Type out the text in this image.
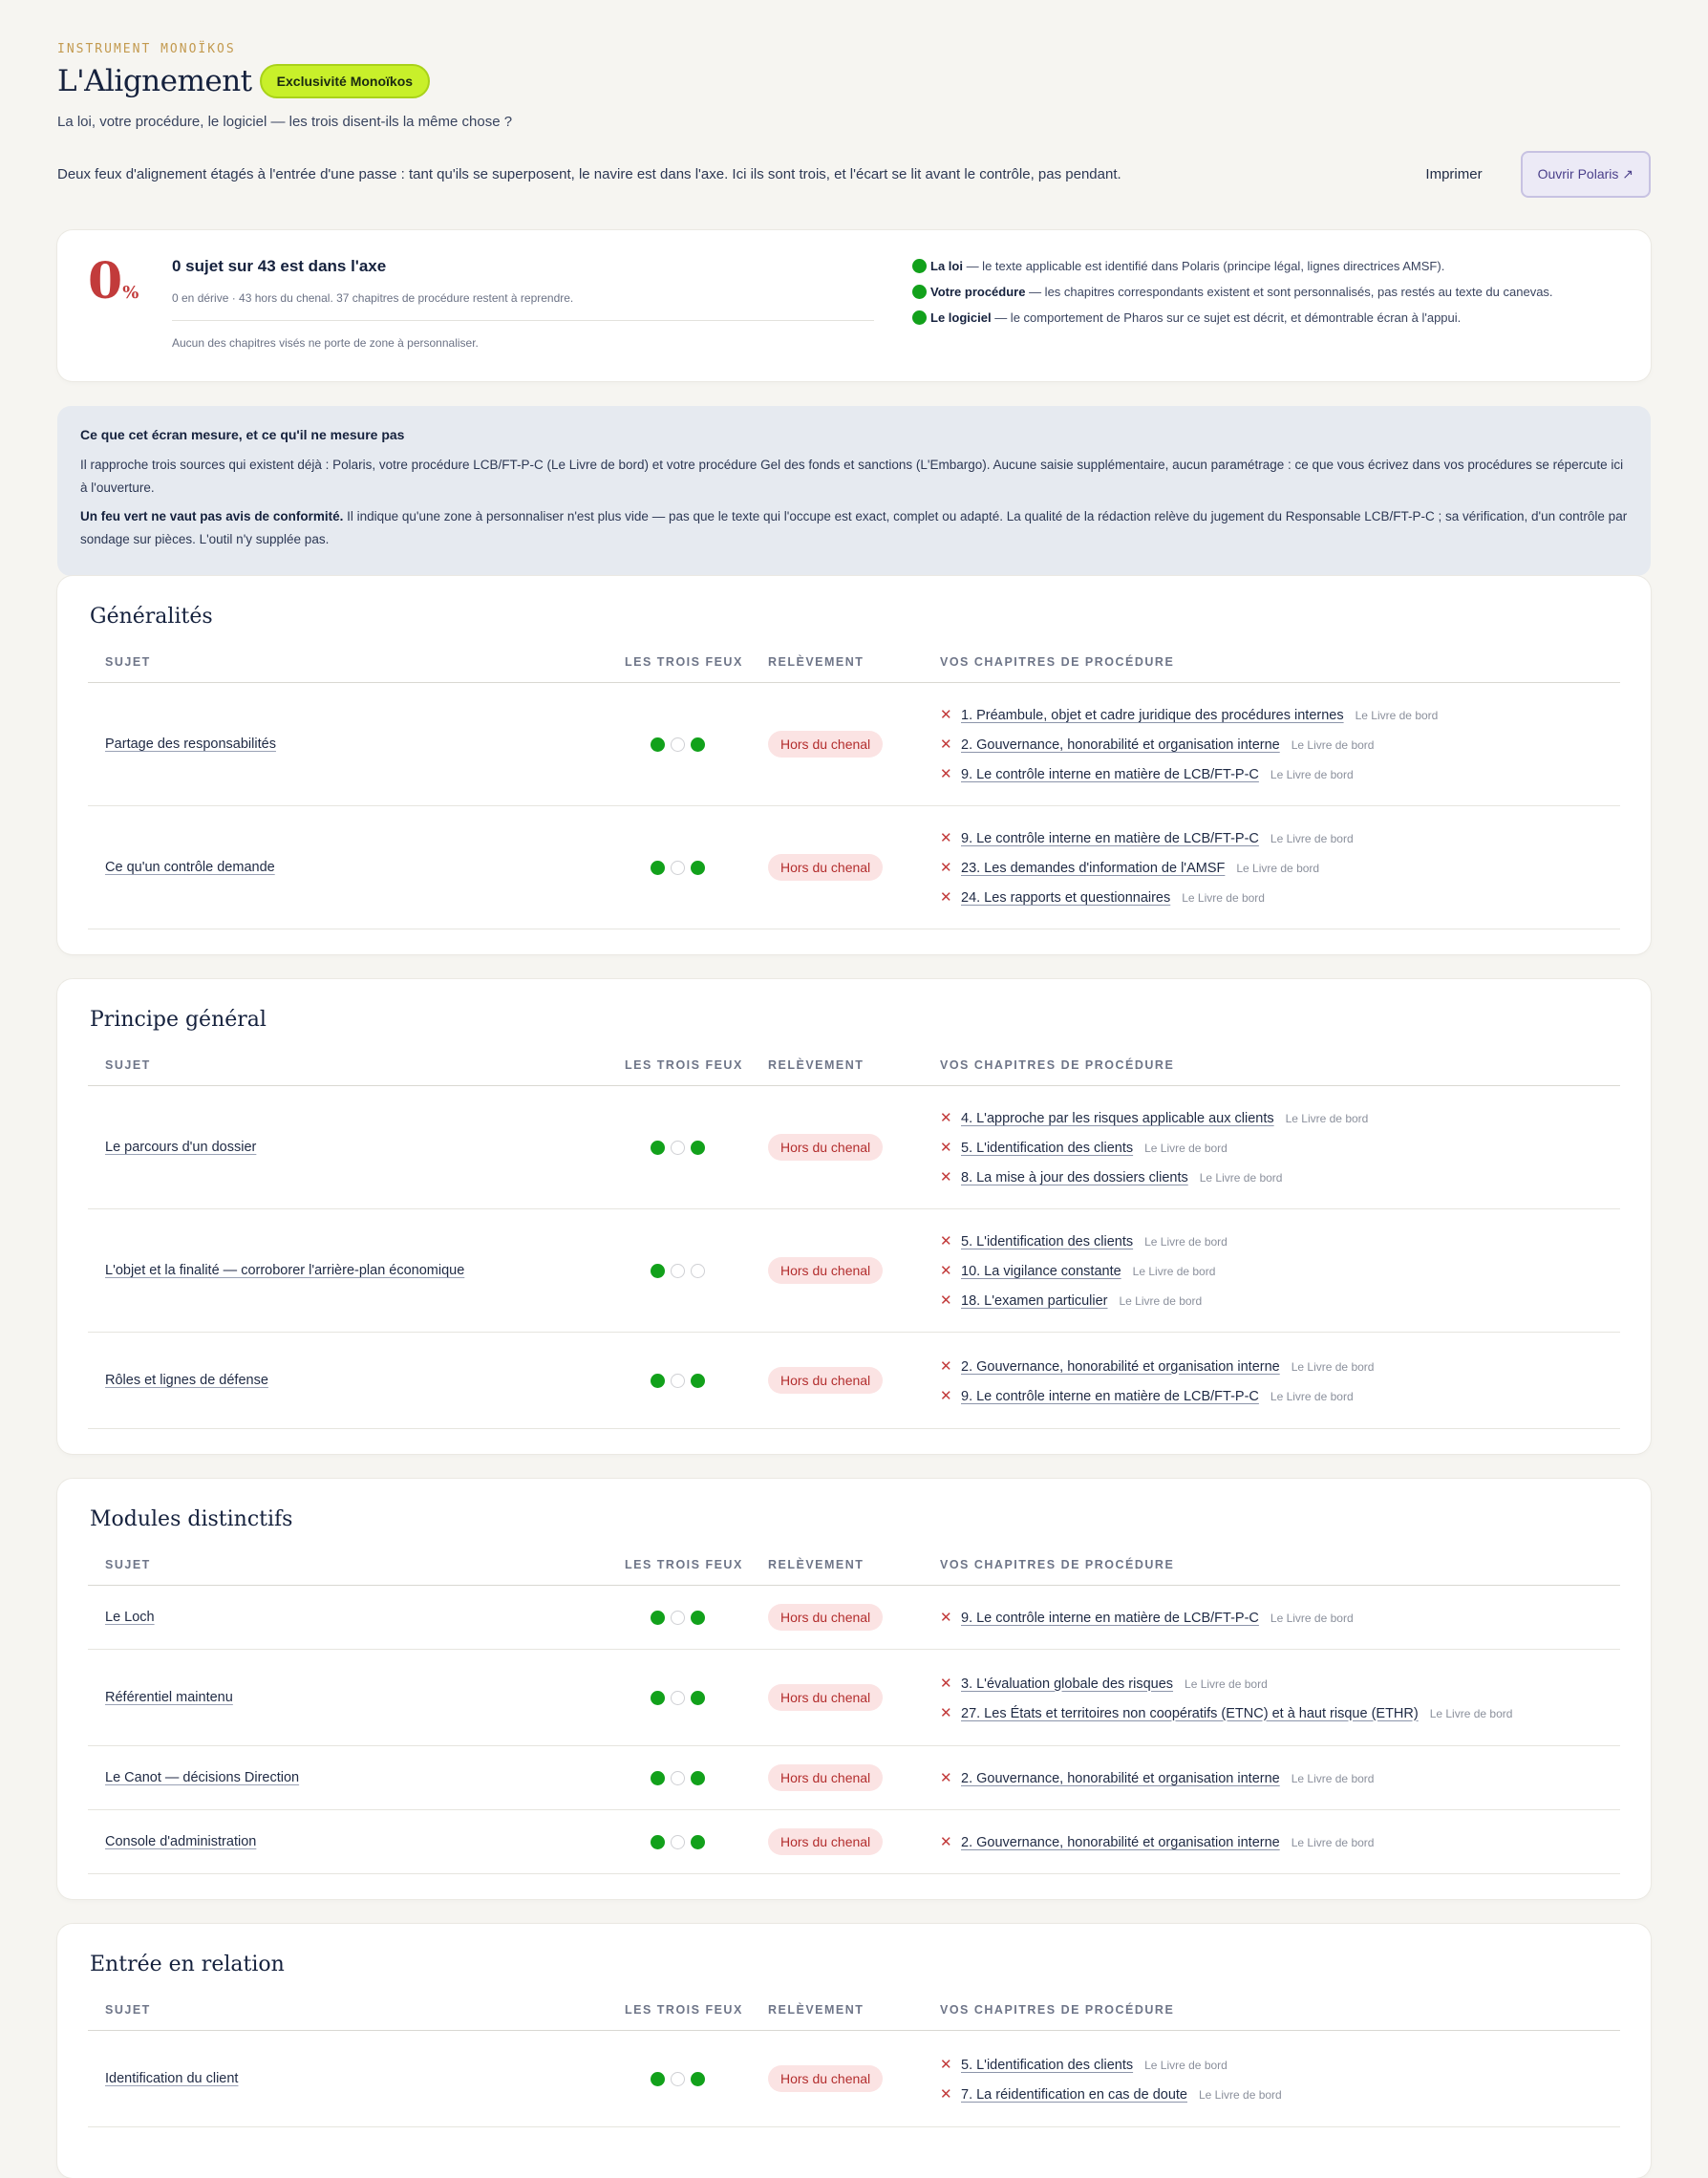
INSTRUMENT MONOÏKOS
L'Alignement	Exclusivité Monoïkos

La loi, votre procédure, le logiciel — les trois disent-ils la même chose ?

Deux feux d'alignement étagés à l'entrée d'une passe : tant qu'ils se superposent, le navire est dans l'axe. Ici ils sont trois, et l'écart se lit avant le contrôle, pas pendant.	Imprimer	Ouvrir Polaris ↗
0%

0 sujet sur 43 est dans l'axe

0 en dérive · 43 hors du chenal. 37 chapitres de procédure restent à reprendre.

Aucun des chapitres visés ne porte de zone à personnaliser.

La loi — le texte applicable est identifié dans Polaris (principe légal, lignes directrices AMSF).
Votre procédure — les chapitres correspondants existent et sont personnalisés, pas restés au texte du canevas.
Le logiciel — le comportement de Pharos sur ce sujet est décrit, et démontrable écran à l'appui.
Ce que cet écran mesure, et ce qu'il ne mesure pas

Il rapproche trois sources qui existent déjà : Polaris, votre procédure LCB/FT-P-C (Le Livre de bord) et votre procédure Gel des fonds et sanctions (L'Embargo). Aucune saisie supplémentaire, aucun paramétrage : ce que vous écrivez dans vos procédures se répercute ici à l'ouverture.

Un feu vert ne vaut pas avis de conformité. Il indique qu'une zone à personnaliser n'est plus vide — pas que le texte qui l'occupe est exact, complet ou adapté. La qualité de la rédaction relève du jugement du Responsable LCB/FT-P-C ; sa vérification, d'un contrôle par sondage sur pièces. L'outil n'y supplée pas.

Généralités
SUJET	LES TROIS FEUX	RELÈVEMENT	VOS CHAPITRES DE PROCÉDURE
Partage des responsabilités	Hors du chenal
✕ 1. Préambule, objet et cadre juridique des procédures internes Le Livre de bord
✕ 2. Gouvernance, honorabilité et organisation interne Le Livre de bord
✕ 9. Le contrôle interne en matière de LCB/FT-P-C Le Livre de bord
Ce qu'un contrôle demande	Hors du chenal
✕ 9. Le contrôle interne en matière de LCB/FT-P-C Le Livre de bord
✕ 23. Les demandes d'information de l'AMSF Le Livre de bord
✕ 24. Les rapports et questionnaires Le Livre de bord
Principe général
SUJET	LES TROIS FEUX	RELÈVEMENT	VOS CHAPITRES DE PROCÉDURE
Le parcours d'un dossier	Hors du chenal
✕ 4. L'approche par les risques applicable aux clients Le Livre de bord
✕ 5. L'identification des clients Le Livre de bord
✕ 8. La mise à jour des dossiers clients Le Livre de bord
L'objet et la finalité — corroborer l'arrière-plan économique	Hors du chenal
✕ 5. L'identification des clients Le Livre de bord
✕ 10. La vigilance constante Le Livre de bord
✕ 18. L'examen particulier Le Livre de bord
Rôles et lignes de défense	Hors du chenal
✕ 2. Gouvernance, honorabilité et organisation interne Le Livre de bord
✕ 9. Le contrôle interne en matière de LCB/FT-P-C Le Livre de bord
Modules distinctifs
SUJET	LES TROIS FEUX	RELÈVEMENT	VOS CHAPITRES DE PROCÉDURE
Le Loch	Hors du chenal	✕ 9. Le contrôle interne en matière de LCB/FT-P-C Le Livre de bord
Référentiel maintenu	Hors du chenal
✕ 3. L'évaluation globale des risques Le Livre de bord
✕ 27. Les États et territoires non coopératifs (ETNC) et à haut risque (ETHR) Le Livre de bord
Le Canot — décisions Direction	Hors du chenal	✕ 2. Gouvernance, honorabilité et organisation interne Le Livre de bord
Console d'administration	Hors du chenal	✕ 2. Gouvernance, honorabilité et organisation interne Le Livre de bord
Entrée en relation
SUJET	LES TROIS FEUX	RELÈVEMENT	VOS CHAPITRES DE PROCÉDURE
Identification du client	Hors du chenal
✕ 5. L'identification des clients Le Livre de bord
✕ 7. La réidentification en cas de doute Le Livre de bord
